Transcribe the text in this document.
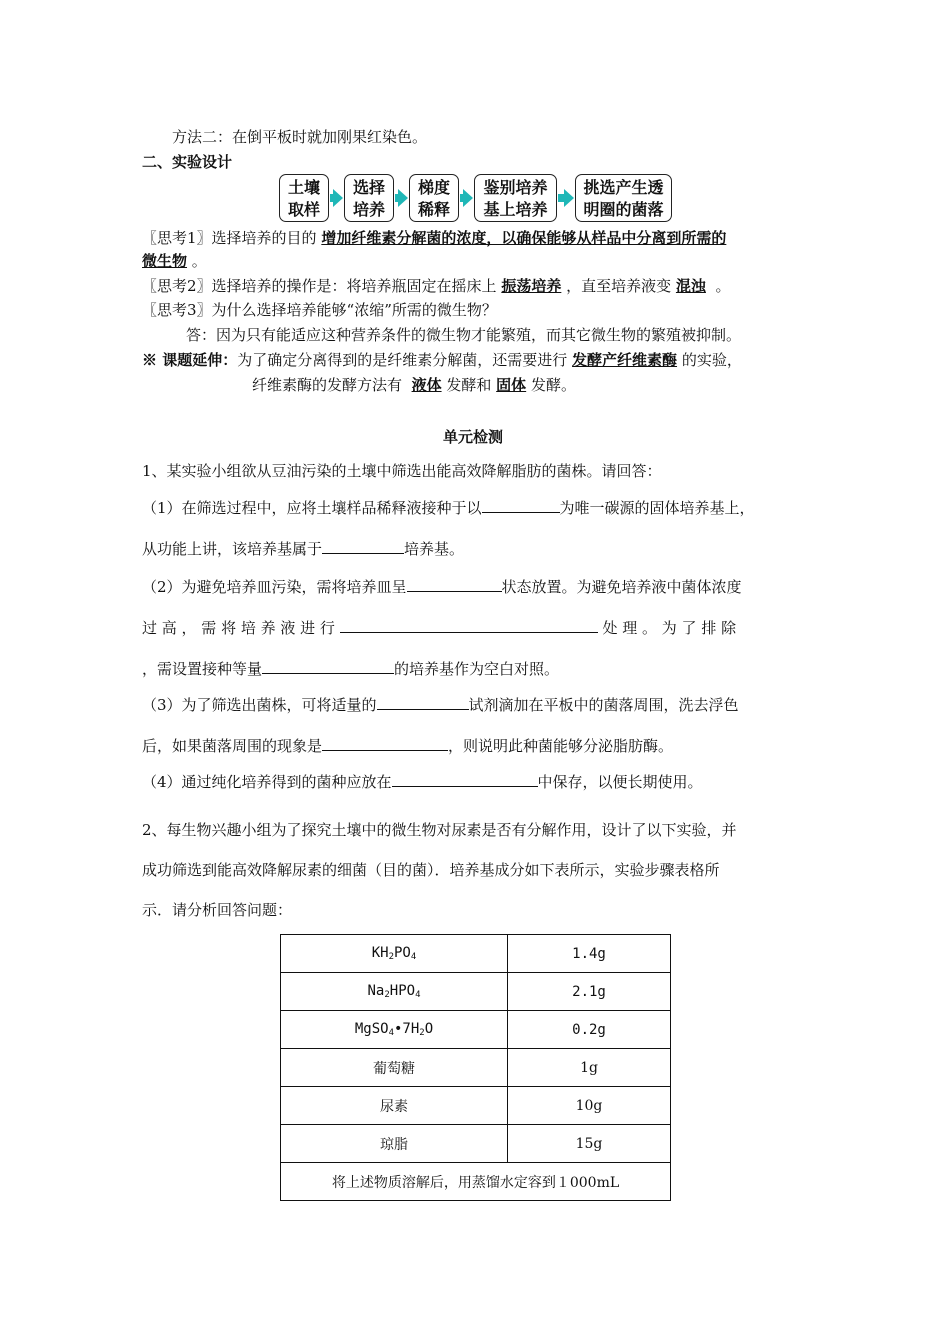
方法二：在倒平板时就加刚果红染色。
二、实验设计
土壤
取样
选择
培养
梯度
稀释
鉴别培养
基上培养
挑选产生透
明圈的菌落
〖思考1〗选择培养的目的 增加纤维素分解菌的浓度，以确保能够从样品中分离到所需的
微生物 。
〖思考2〗选择培养的操作是：将培养瓶固定在摇床上 振荡培养 ，直至培养液变 混浊 。
〖思考3〗为什么选择培养能够“浓缩”所需的微生物？
答：因为只有能适应这种营养条件的微生物才能繁殖，而其它微生物的繁殖被抑制。
※ 课题延伸：为了确定分离得到的是纤维素分解菌，还需要进行 发酵产纤维素酶 的实验，
纤维素酶的发酵方法有 液体 发酵和 固体 发酵。
单元检测
1、某实验小组欲从豆油污染的土壤中筛选出能高效降解脂肪的菌株。请回答：
（1）在筛选过程中，应将土壤样品稀释液接种于以	为唯一碳源的固体培养基上，
从功能上讲，该培养基属于	培养基。
（2）为避免培养皿污染，需将培养皿呈	状态放置。为避免培养液中菌体浓度
过 高 ， 需 将 培 养 液 进 行	处 理 。 为 了 排 除
，需设置接种等量	的培养基作为空白对照。
（3）为了筛选出菌株，可将适量的	试剂滴加在平板中的菌落周围，洗去浮色
后，如果菌落周围的现象是	，则说明此种菌能够分泌脂肪酶。
（4）通过纯化培养得到的菌种应放在	中保存，以便长期使用。
2、每生物兴趣小组为了探究土壤中的微生物对尿素是否有分解作用，设计了以下实验，并
成功筛选到能高效降解尿素的细菌（目的菌）．培养基成分如下表所示，实验步骤表格所
示．请分析回答问题：
$KH_2PO_4$	1.4g
$Na_2HPO_4$	2.1g
$MgSO_4•7H_2O$	0.2g
葡萄糖	1g
尿素	10g
琼脂	15g
将上述物质溶解后，用蒸馏水定容到１000mL	
